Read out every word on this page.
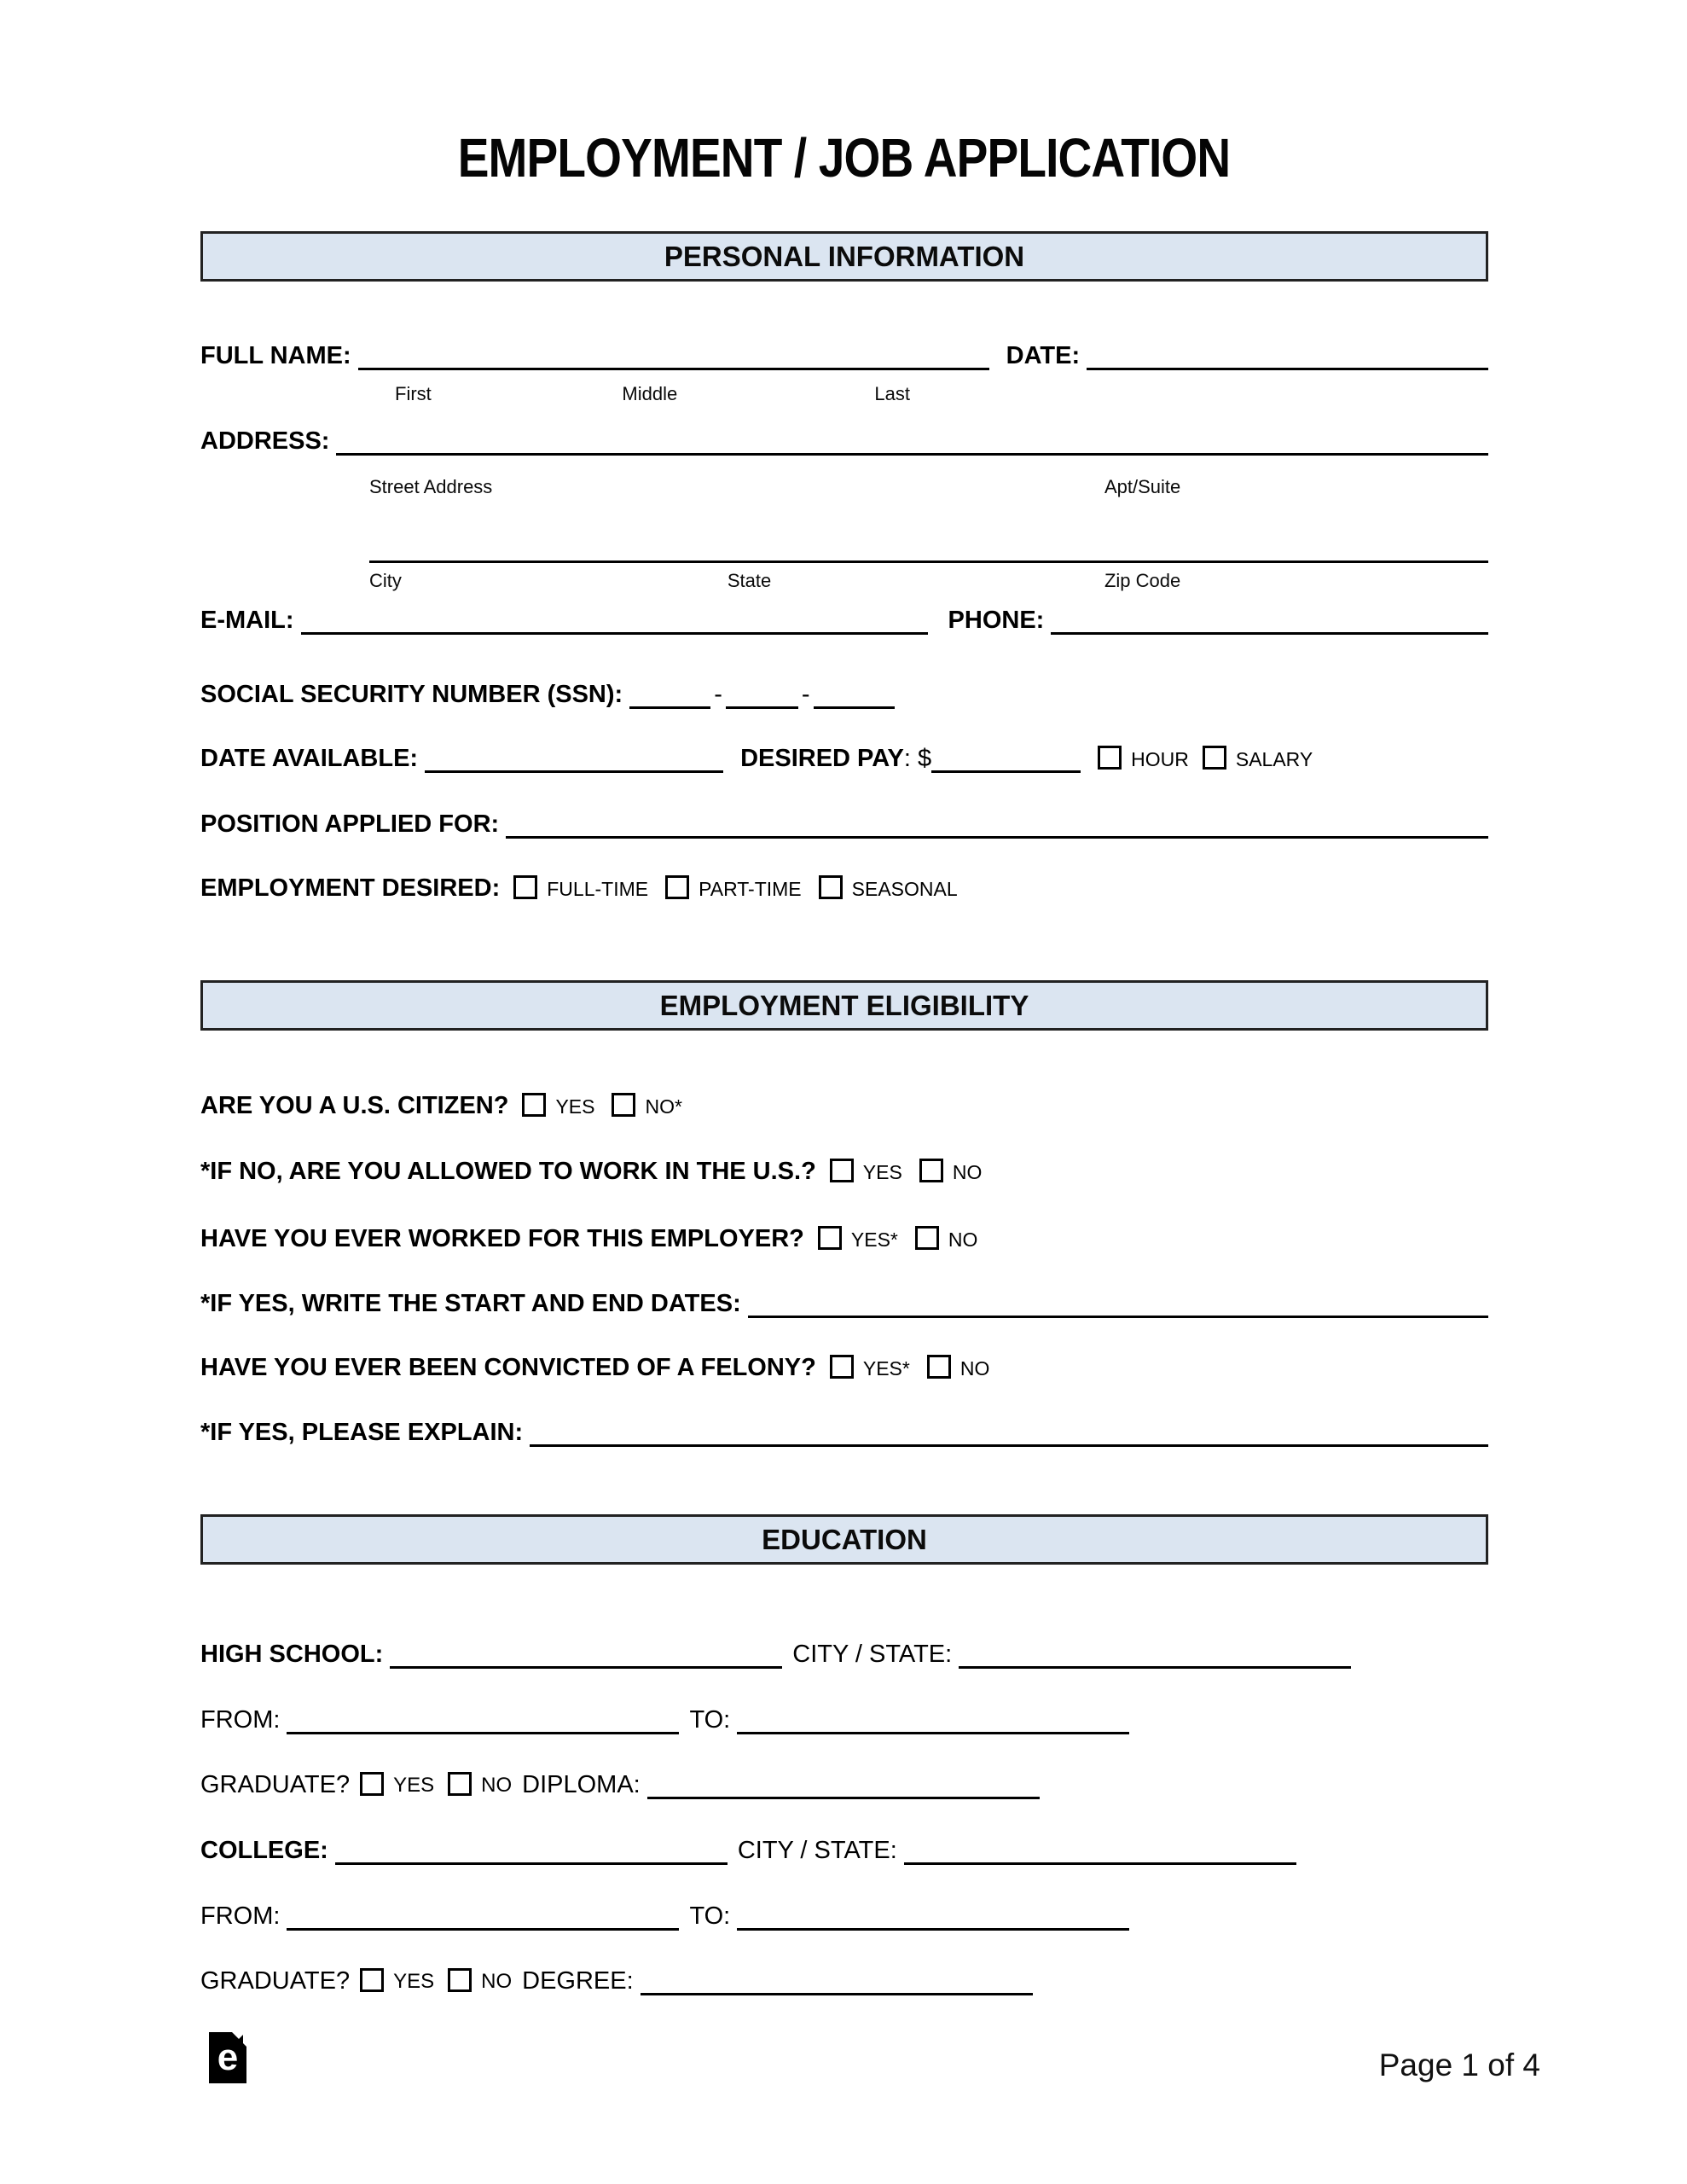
EMPLOYMENT / JOB APPLICATION
PERSONAL INFORMATION
FULL NAME:	DATE:
First	Middle	Last
ADDRESS:
Street Address	Apt/Suite
City	State	Zip Code
E-MAIL:	PHONE:
SOCIAL SECURITY NUMBER (SSN):	-	-
DATE AVAILABLE:	DESIRED PAY : $	HOUR SALARY
POSITION APPLIED FOR:
EMPLOYMENT DESIRED: FULL-TIME	PART-TIME	SEASONAL
EMPLOYMENT ELIGIBILITY
ARE YOU A U.S. CITIZEN? YES	NO*
*IF NO, ARE YOU ALLOWED TO WORK IN THE U.S.? YES	NO
HAVE YOU EVER WORKED FOR THIS EMPLOYER? YES*	NO
*IF YES, WRITE THE START AND END DATES:
HAVE YOU EVER BEEN CONVICTED OF A FELONY? YES*	NO
*IF YES, PLEASE EXPLAIN:
EDUCATION
HIGH SCHOOL:	CITY / STATE:
FROM:	TO:
GRADUATE? YES NO DIPLOMA:
COLLEGE:	CITY / STATE:
FROM:	TO:
GRADUATE? YES NO DEGREE:
e	Page 1 of 4
